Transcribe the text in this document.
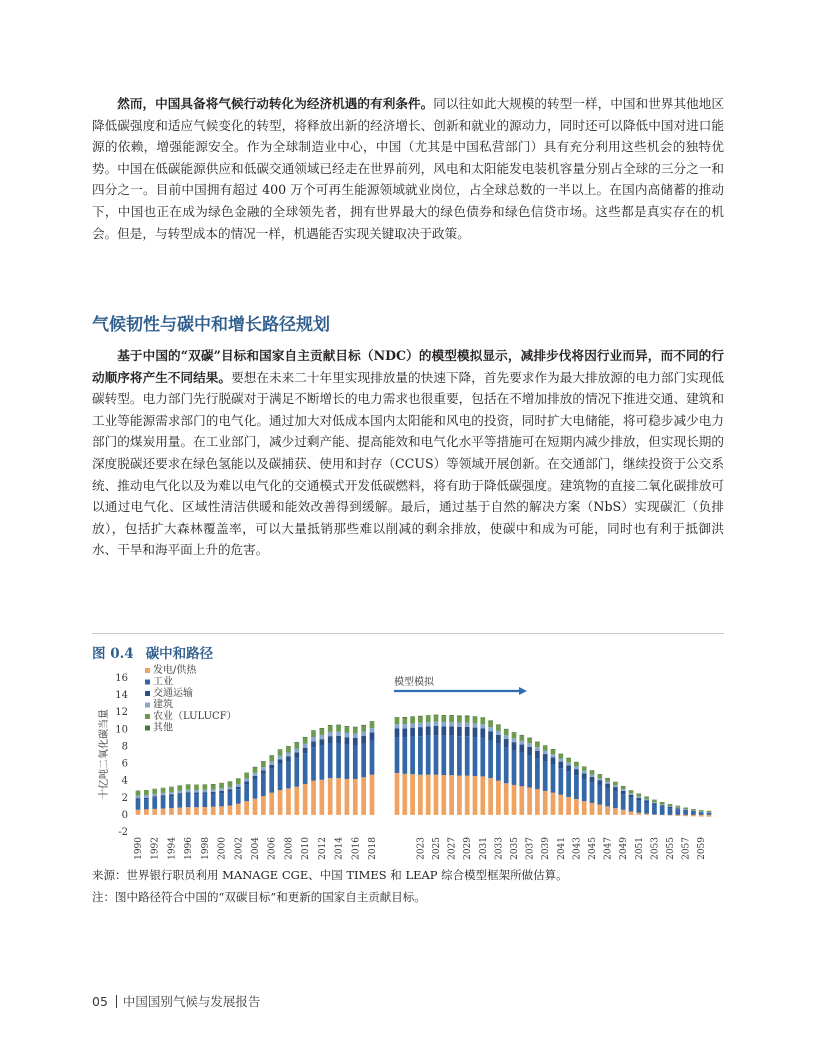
然而，中国具备将气候行动转化为经济机遇的有利条件。同以往如此大规模的转型一样，中国和世界其他地区降低碳强度和适应气候变化的转型，将释放出新的经济增长、创新和就业的源动力，同时还可以降低中国对进口能源的依赖，增强能源安全。作为全球制造业中心，中国（尤其是中国私营部门）具有充分利用这些机会的独特优势。中国在低碳能源供应和低碳交通领域已经走在世界前列，风电和太阳能发电装机容量分别占全球的三分之一和四分之一。目前中国拥有超过 400 万个可再生能源领域就业岗位，占全球总数的一半以上。在国内高储蓄的推动下，中国也正在成为绿色金融的全球领先者，拥有世界最大的绿色债券和绿色信贷市场。这些都是真实存在的机会。但是，与转型成本的情况一样，机遇能否实现关键取决于政策。

气候韧性与碳中和增长路径规划

基于中国的“双碳”目标和国家自主贡献目标（NDC）的模型模拟显示，减排步伐将因行业而异，而不同的行动顺序将产生不同结果。要想在未来二十年里实现排放量的快速下降，首先要求作为最大排放源的电力部门实现低碳转型。电力部门先行脱碳对于满足不断增长的电力需求也很重要，包括在不增加排放的情况下推进交通、建筑和工业等能源需求部门的电气化。通过加大对低成本国内太阳能和风电的投资，同时扩大电储能，将可稳步减少电力部门的煤炭用量。在工业部门，减少过剩产能、提高能效和电气化水平等措施可在短期内减少排放，但实现长期的深度脱碳还要求在绿色氢能以及碳捕获、使用和封存（CCUS）等领域开展创新。在交通部门，继续投资于公交系统、推动电气化以及为难以电气化的交通模式开发低碳燃料，将有助于降低碳强度。建筑物的直接二氧化碳排放可以通过电气化、区域性清洁供暖和能效改善得到缓解。最后，通过基于自然的解决方案（NbS）实现碳汇（负排放），包括扩大森林覆盖率，可以大量抵销那些难以削减的剩余排放，使碳中和成为可能，同时也有利于抵御洪水、干旱和海平面上升的危害。

图 0.4 碳中和路径
十亿吨二氧化碳当量
16
14
12
10
8
6
4
2
0
-2
1990 1992 1994 1996 1998 2000 2002 2004 2006 2008 2010 2012 2014 2016 2018	2023 2025 2027 2029 2031 2033 2035 2037 2039 2041 2043 2045 2047 2049 2051 2053 2055 2057 2059
发电/供热
工业
交通运输
建筑
农业（LULUCF）
其他
模型模拟
来源：世界银行职员利用 MANAGE CGE、中国 TIMES 和 LEAP 综合模型框架所做估算。
注：图中路径符合中国的“双碳目标”和更新的国家自主贡献目标。
05 中国国别气候与发展报告
